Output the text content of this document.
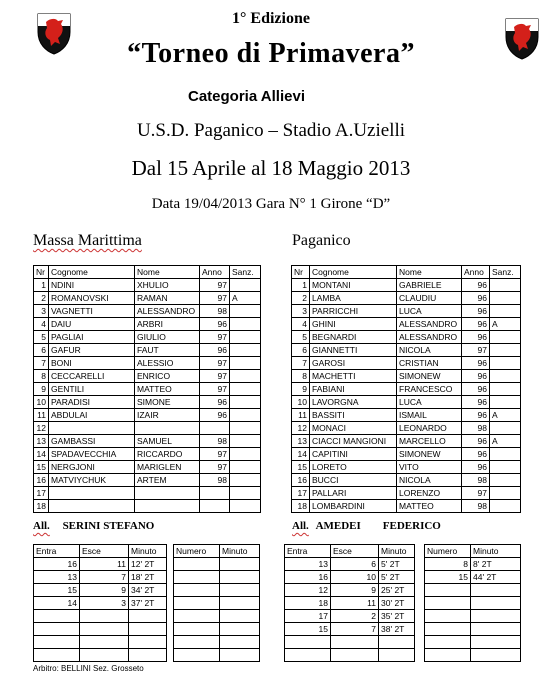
1° Edizione
“Torneo di Primavera”
Categoria Allievi
U.S.D. Paganico – Stadio A.Uzielli
Dal 15 Aprile al 18 Maggio 2013
Data 19/04/2013 Gara N° 1 Girone “D”
Massa Marittima	Paganico
Nr	Cognome	Nome	Anno	Sanz.
1	NDINI	XHULIO	97	
2	ROMANOVSKI	RAMAN	97	A
3	VAGNETTI	ALESSANDRO	98	
4	DAIU	ARBRI	96	
5	PAGLIAI	GIULIO	97	
6	GAFUR	FAUT	96	
7	BONI	ALESSIO	97	
8	CECCARELLI	ENRICO	97	
9	GENTILI	MATTEO	97	
10	PARADISI	SIMONE	96	
11	ABDULAI	IZAIR	96	
12				
13	GAMBASSI	SAMUEL	98	
14	SPADAVECCHIA	RICCARDO	97	
15	NERGJONI	MARIGLEN	97	
16	MATVIYCHUK	ARTEM	98	
17				
18				
Nr	Cognome	Nome	Anno	Sanz.
1	MONTANI	GABRIELE	96	
2	LAMBA	CLAUDIU	96	
3	PARRICCHI	LUCA	96	
4	GHINI	ALESSANDRO	96	A
5	BEGNARDI	ALESSANDRO	96	
6	GIANNETTI	NICOLA	97	
7	GAROSI	CRISTIAN	96	
8	MACHETTI	SIMONEW	96	
9	FABIANI	FRANCESCO	96	
10	LAVORGNA	LUCA	96	
11	BASSITI	ISMAIL	96	A
12	MONACI	LEONARDO	98	
13	CIACCI MANGIONI	MARCELLO	96	A
14	CAPITINI	SIMONEW	96	
15	LORETO	VITO	96	
16	BUCCI	NICOLA	98	
17	PALLARI	LORENZO	97	
18	LOMBARDINI	MATTEO	98	
All. SERINI STEFANO	All. AMEDEI        FEDERICO
Entra	Esce	Minuto
16	11	12' 2T
13	7	18' 2T
15	9	34' 2T
14	3	37' 2T

Numero	Minuto

		Entra	Esce	Minuto
13	6	5' 2T
16	10	5' 2T
12	9	25' 2T
18	11	30' 2T
17	2	35' 2T
15	7	38' 2T

Numero	Minuto
8	8' 2T
15	44' 2T

Arbitro: BELLINI Sez. Grosseto
